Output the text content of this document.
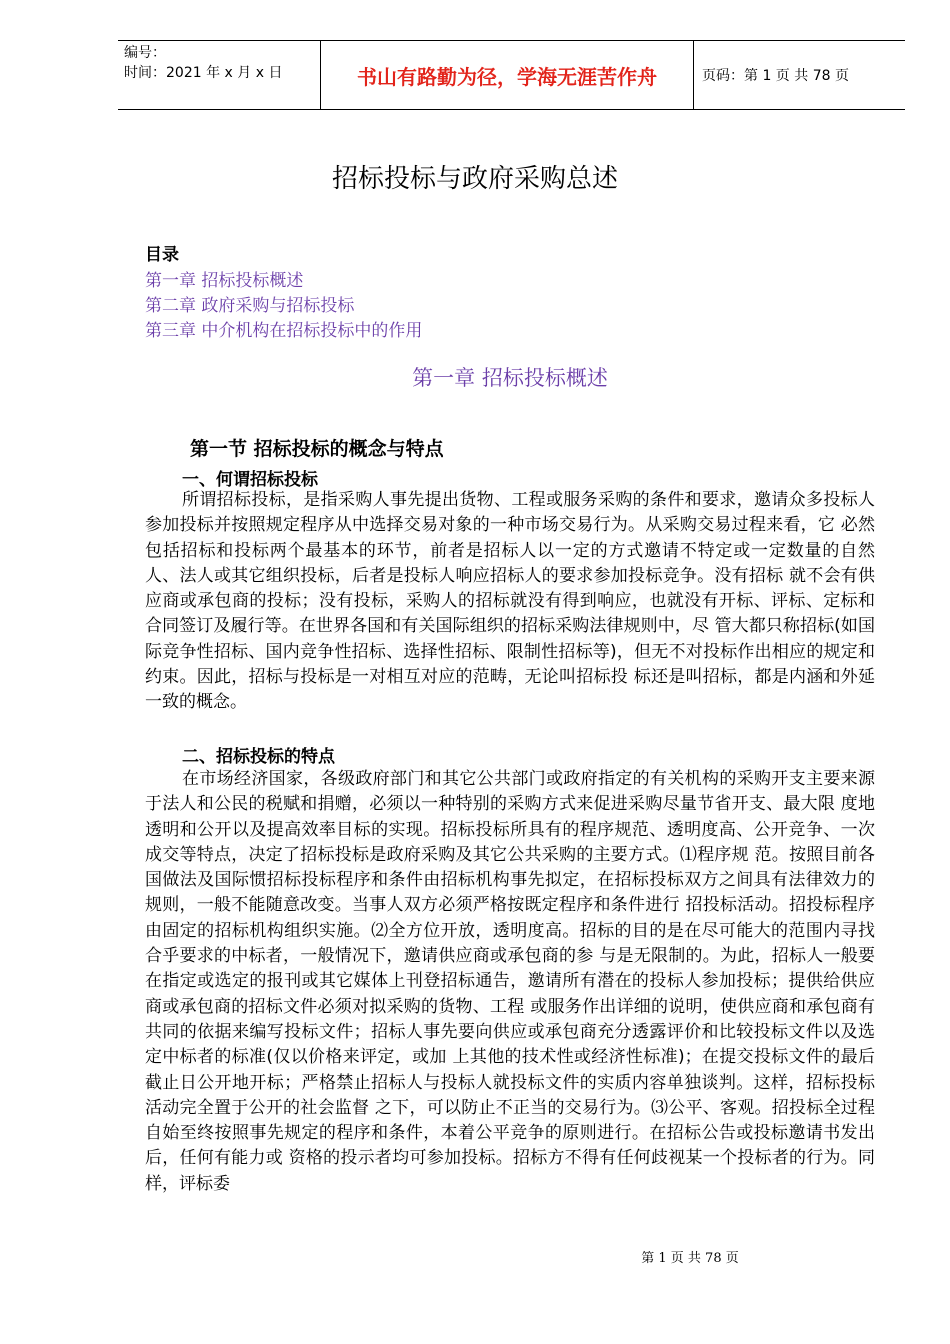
编号：
时间：2021 年 x 月 x 日	书山有路勤为径，学海无涯苦作舟	页码：第 1 页 共 78 页
招标投标与政府采购总述
目录
第一章 招标投标概述
第二章 政府采购与招标投标
第三章 中介机构在招标投标中的作用
第一章 招标投标概述
第一节 招标投标的概念与特点
一、何谓招标投标

所谓招标投标，是指采购人事先提出货物、工程或服务采购的条件和要求，邀请众多投标人参加投标并按照规定程序从中选择交易对象的一种市场交易行为。从采购交易过程来看，它 必然包括招标和投标两个最基本的环节，前者是招标人以一定的方式邀请不特定或一定数量的自然人、法人或其它组织投标，后者是投标人响应招标人的要求参加投标竞争。没有招标 就不会有供应商或承包商的投标；没有投标，采购人的招标就没有得到响应，也就没有开标、评标、定标和合同签订及履行等。在世界各国和有关国际组织的招标采购法律规则中，尽 管大都只称招标(如国际竞争性招标、国内竞争性招标、选择性招标、限制性招标等)，但无不对投标作出相应的规定和约束。因此，招标与投标是一对相互对应的范畴，无论叫招标投 标还是叫招标，都是内涵和外延一致的概念。

二、招标投标的特点

在市场经济国家，各级政府部门和其它公共部门或政府指定的有关机构的采购开支主要来源于法人和公民的税赋和捐赠，必须以一种特别的采购方式来促进采购尽量节省开支、最大限 度地透明和公开以及提高效率目标的实现。招标投标所具有的程序规范、透明度高、公开竞争、一次成交等特点，决定了招标投标是政府采购及其它公共采购的主要方式。⑴程序规 范。按照目前各国做法及国际惯招标投标程序和条件由招标机构事先拟定，在招标投标双方之间具有法律效力的规则，一般不能随意改变。当事人双方必须严格按既定程序和条件进行 招投标活动。招投标程序由固定的招标机构组织实施。⑵全方位开放，透明度高。招标的目的是在尽可能大的范围内寻找合乎要求的中标者，一般情况下，邀请供应商或承包商的参 与是无限制的。为此，招标人一般要在指定或选定的报刊或其它媒体上刊登招标通告，邀请所有潜在的投标人参加投标；提供给供应商或承包商的招标文件必须对拟采购的货物、工程 或服务作出详细的说明，使供应商和承包商有共同的依据来编写投标文件；招标人事先要向供应或承包商充分透露评价和比较投标文件以及选定中标者的标准(仅以价格来评定，或加 上其他的技术性或经济性标准)；在提交投标文件的最后截止日公开地开标；严格禁止招标人与投标人就投标文件的实质内容单独谈判。这样，招标投标活动完全置于公开的社会监督 之下，可以防止不正当的交易行为。⑶公平、客观。招投标全过程自始至终按照事先规定的程序和条件，本着公平竞争的原则进行。在招标公告或投标邀请书发出后，任何有能力或 资格的投示者均可参加投标。招标方不得有任何歧视某一个投标者的行为。同样，评标委

第 1 页 共 78 页
